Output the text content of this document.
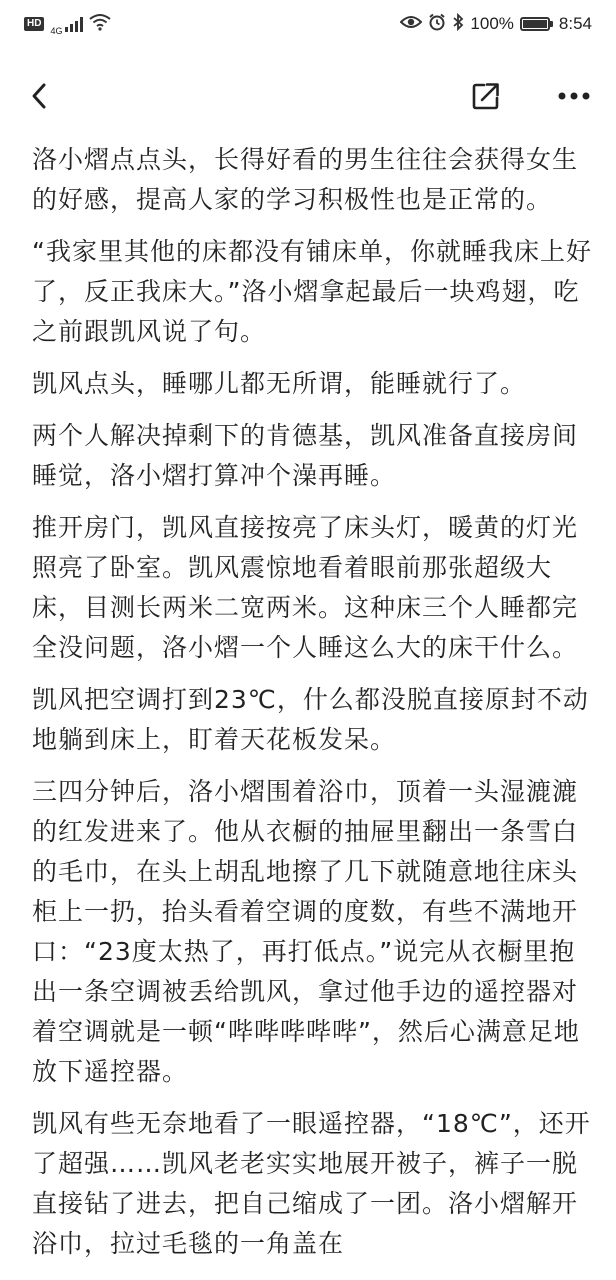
HD
4G	100%	8:54

洛小熠点点头，长得好看的男生往往会获得女生的好感，提高人家的学习积极性也是正常的。

“我家里其他的床都没有铺床单，你就睡我床上好了，反正我床大。”洛小熠拿起最后一块鸡翅，吃之前跟凯风说了句。

凯风点头，睡哪儿都无所谓，能睡就行了。

两个人解决掉剩下的肯德基，凯风准备直接房间睡觉，洛小熠打算冲个澡再睡。

推开房门，凯风直接按亮了床头灯，暖黄的灯光照亮了卧室。凯风震惊地看着眼前那张超级大床，目测长两米二宽两米。这种床三个人睡都完全没问题，洛小熠一个人睡这么大的床干什么。

凯风把空调打到23℃，什么都没脱直接原封不动地躺到床上，盯着天花板发呆。

三四分钟后，洛小熠围着浴巾，顶着一头湿漉漉的红发进来了。他从衣橱的抽屉里翻出一条雪白的毛巾，在头上胡乱地擦了几下就随意地往床头柜上一扔，抬头看着空调的度数，有些不满地开口：“23度太热了，再打低点。”说完从衣橱里抱出一条空调被丢给凯风，拿过他手边的遥控器对着空调就是一顿“哔哔哔哔哔”，然后心满意足地放下遥控器。

凯风有些无奈地看了一眼遥控器，“18℃”，还开了超强……凯风老老实实地展开被子，裤子一脱直接钻了进去，把自己缩成了一团。洛小熠解开浴巾，拉过毛毯的一角盖在
